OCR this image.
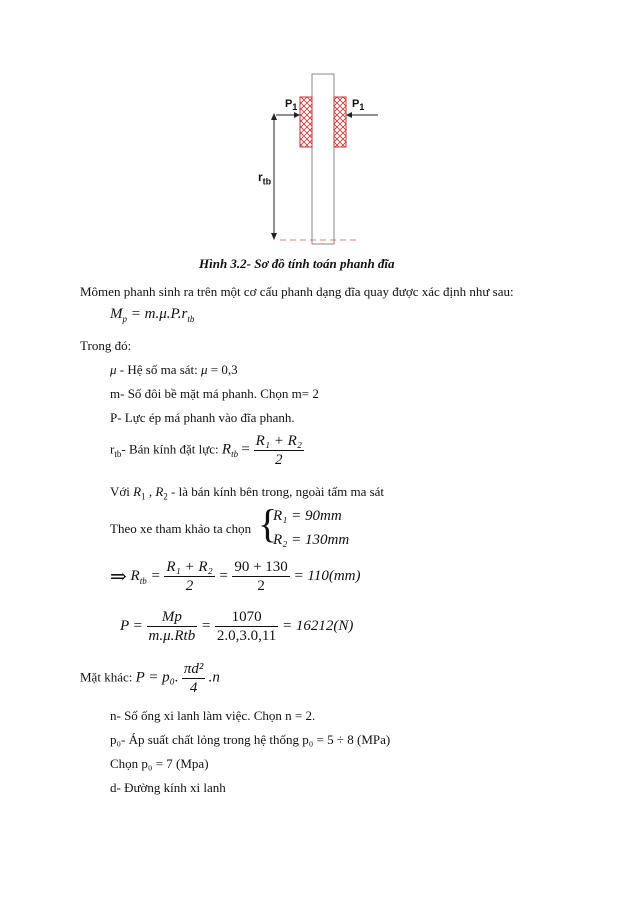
$P_1$	$P_1$
$r_{tb}$
Hình 3.2- Sơ đồ tính toán phanh đĩa
Mômen phanh sinh ra trên một cơ cấu phanh dạng đĩa quay được xác định như sau:
$M_p = m.\mu.P.r_{tb}$
Trong đó:
μ - Hệ số ma sát: μ = 0,3
m- Số đôi bề mặt má phanh. Chọn m= 2
P- Lực ép má phanh vào đĩa phanh.
$r_{tb}-$ Bán kính đặt lực: $R_{tb} = \frac{\text{R₁ + R₂}}{2}$
Với $R_1$ , $R_2$ - là bán kính bên trong, ngoài tấm ma sát
Theo xe tham khảo ta chọn {
R₁ = 90mm
R₂ = 130mm
⇒ $R_{tb} = \frac{\text{R₁ + R₂}}{2} = \frac{90 + 130}{2} = 110(mm)$
$P = \frac{Mp}{\text{m.μ.Rtb}} = \frac{1070}{2.0,3.0,11} = 16212(N)$
Mặt khác: P = p₀. $\frac{\text{πd²}}{4} .n$
n- Số ống xi lanh làm việc. Chọn n = 2.
p₀- Áp suất chất lỏng trong hệ thống p₀ = 5 ÷ 8 (MPa)
Chọn p₀ = 7 (Mpa)
d- Đường kính xi lanh
